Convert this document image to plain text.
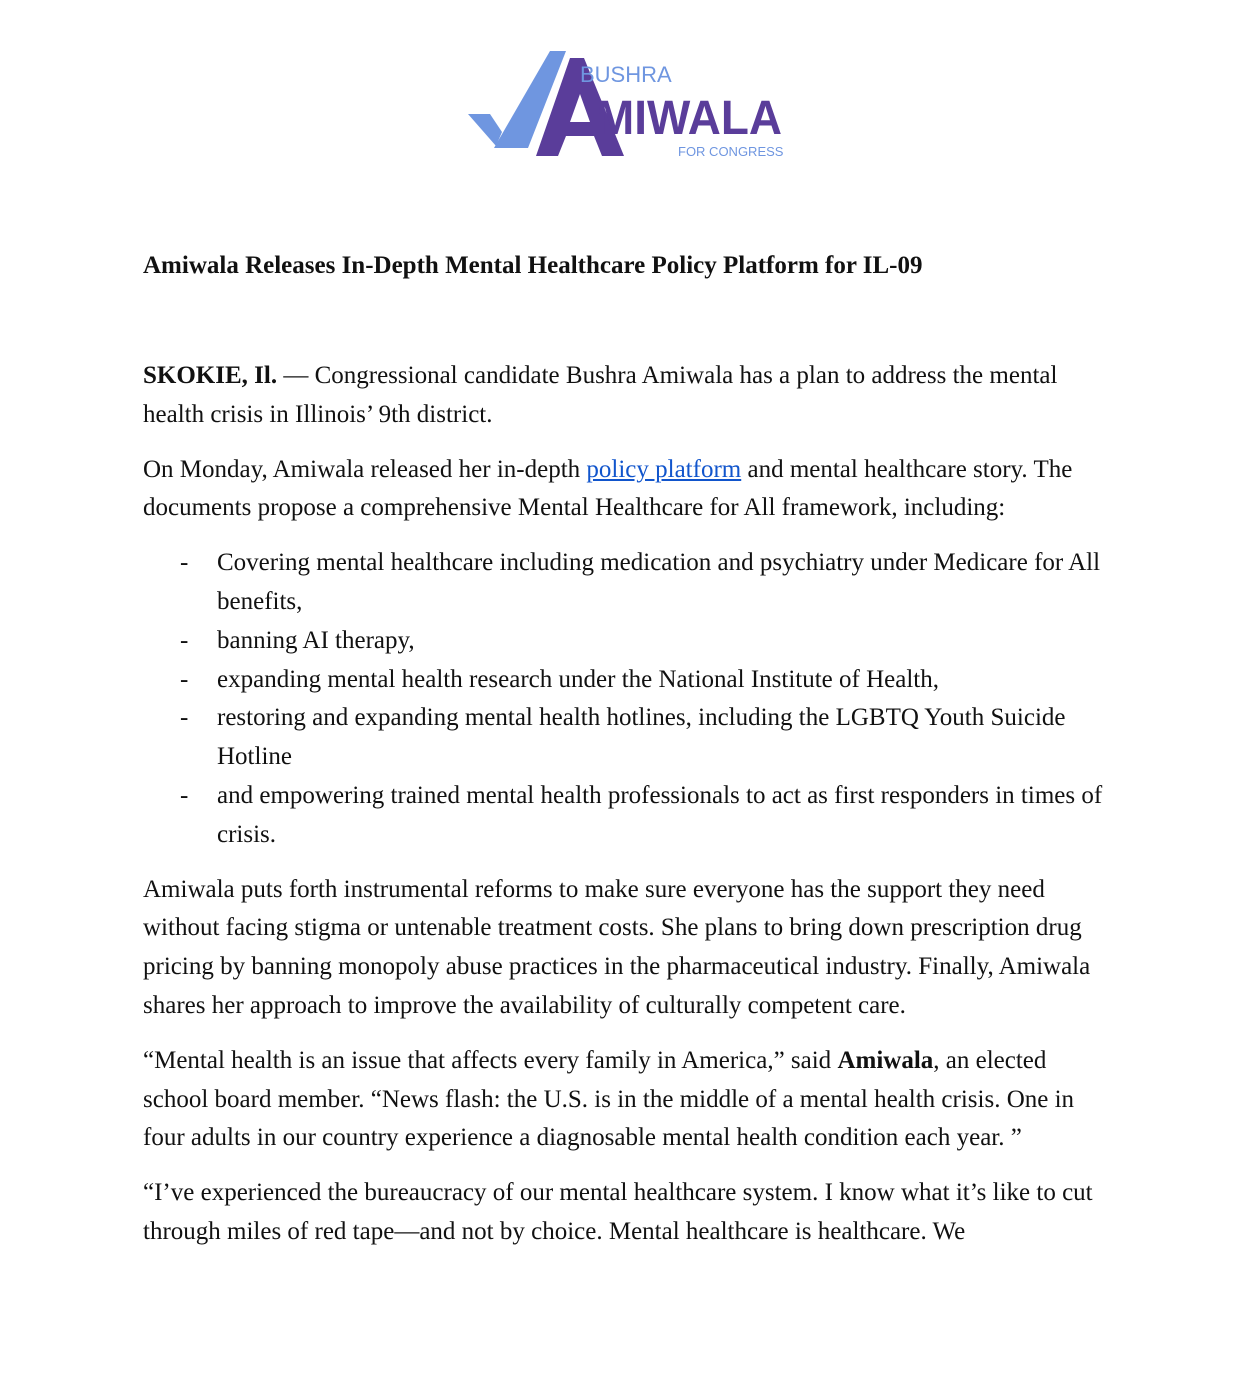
BUSHRA
MIWALA
FOR CONGRESS
Amiwala Releases In-Depth Mental Healthcare Policy Platform for IL-09

SKOKIE, Il. — Congressional candidate Bushra Amiwala has a plan to address the mental health crisis in Illinois’ 9th district.

On Monday, Amiwala released her in-depth policy platform and mental healthcare story. The documents propose a comprehensive Mental Healthcare for All framework, including:

- Covering mental healthcare including medication and psychiatry under Medicare for All benefits,
- banning AI therapy,
- expanding mental health research under the National Institute of Health,
- restoring and expanding mental health hotlines, including the LGBTQ Youth Suicide Hotline
- and empowering trained mental health professionals to act as first responders in times of crisis.

Amiwala puts forth instrumental reforms to make sure everyone has the support they need without facing stigma or untenable treatment costs. She plans to bring down prescription drug pricing by banning monopoly abuse practices in the pharmaceutical industry. Finally, Amiwala shares her approach to improve the availability of culturally competent care.

“Mental health is an issue that affects every family in America,” said Amiwala, an elected school board member. “News flash: the U.S. is in the middle of a mental health crisis. One in four adults in our country experience a diagnosable mental health condition each year. ”

“I’ve experienced the bureaucracy of our mental healthcare system. I know what it’s like to cut through miles of red tape—and not by choice. Mental healthcare is healthcare. We
